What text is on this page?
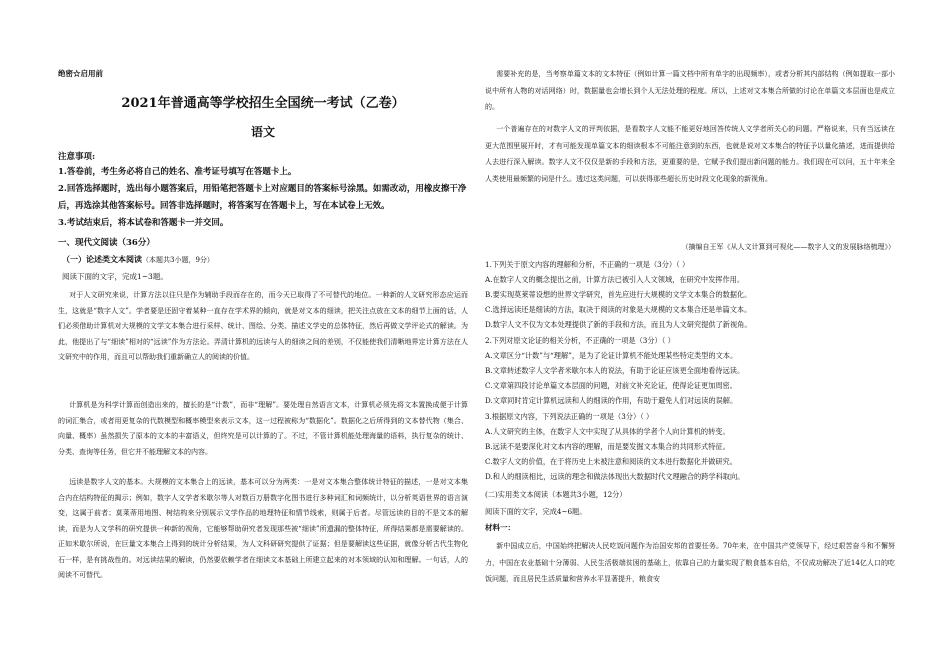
绝密☆启用前
2021年普通高等学校招生全国统一考试（乙卷）
语文
注意事项:
1.答卷前，考生务必将自己的姓名、准考证号填写在答题卡上。
2.回答选择题时，选出每小题答案后，用铅笔把答题卡上对应题目的答案标号涂黑。如需改动，用橡皮擦干净后，再选涂其他答案标号。回答非选择题时，将答案写在答题卡上，写在本试卷上无效。
3.考试结束后，将本试卷和答题卡一并交回。
一、现代文阅读（36分）
（一）论述类文本阅读（本题共3小题，9分）
阅读下面的文字，完成1~3题。
对于人文研究来说，计算方法以往只是作为辅助手段而存在的，而今天已取得了不可替代的地位。一种新的人文研究形态应运而生，这就是“数字人文”。学者要是还固守着某种一直存在学术界的倾向，就是对文本的细读，把关注点放在文本的细节上面的话，人们必须借助计算机对大规模的文学文本集合进行采样、统计、图绘、分类、描述文学史的总体特征，然后再做文学评论式的解读。为此，他提出了与“细读”相对的“远读”作为方法论。弄清计算机的远读与人的细读之间的差别，不仅能使我们清晰地界定计算方法在人文研究中的作用，而且可以帮助我们重新确立人的阅读的价值。
计算机是为科学计算而创造出来的，擅长的是“计数”，而非“理解”。要处理自然语言文本，计算机必须先将文本置换成便于计算的词汇集合，或者用更复杂的代数模型和概率模型来表示文本，这一过程被称为“数据化”。数据化之后所得到的文本替代物（集合、向量、概率）虽然损失了原本的文本的丰富语义，但终究是可以计算的了。不过，不管计算机能处理海量的语料，执行复杂的统计、分类、查询等任务，但它并不能理解文本的内容。
远读是数字人文的基本。大规模的文本集合上的远读，基本可以分为两类：一是对文本集合整体统计特征的描述，一是对文本集合内在结构特征的揭示；例如，数字人文学者米歇尔等人对数百万册数字化图书进行多种词汇和词频统计，以分析英语世界的语言演变，这属于前者；莫莱蒂用地图、树结构来分别展示文学作品的地理特征和情节线索，则属于后者。尽管远读的目的不是文本的解读，而是为人文学科的研究提供一种新的视角，它能够帮助研究者发现那些被“细读”所遗漏的整体特征，所得结果都是需要解读的。正如米歇尔所说，在巨量文本集合上得到的统计分析结果，为人文科研研究提供了证据；但是要解读这些证据，就像分析古代生物化石一样，是有挑战性的。对远读结果的解读，仍然要依赖学者在细读文本基础上所建立起来的对本领域的认知和理解。一句话，人的阅读不可替代。
需要补充的是，当考察单篇文本的文本特征（例如计算一篇文档中所有单字的出现频率），或者分析其内部结构（例如提取一部小说中所有人物的对话网络）时，数据量也会增长到个人无法处理的程度。所以，上述对文本集合所做的讨论在单篇文本层面也是成立的。
一个普遍存在的对数字人文的评判依据，是看数字人文能不能更好地回答传统人文学者所关心的问题。严格说来，只有当远读在更大范围里展开时，才有可能发现单篇文本的细读根本不可能注意到的东西，也就是说对文本集合的特征予以量化描述，进而提供给人去进行深入解读。数字人文不仅仅是新的手段和方法，更重要的是，它赋予我们提出新问题的能力。我们现在可以问，五十年来全人类使用最频繁的词是什么。透过这类问题，可以获得那些超长历史时段文化现象的新视角。
（摘编自王军《从人文计算到可视化——数字人文的发展脉络梳理》）
1.下列关于原文内容的理解和分析，不正确的一项是（3分）（ ）
A.在数字人文的概念提出之前，计算方法已被引入人文领域，在研究中发挥作用。
B.要实现莫莱蒂设想的世界文学研究，首先应进行大规模的文学文本集合的数据化。
C.选择远读还是细读的方法，取决于阅读的对象是大规模的文本集合还是单篇文本。
D.数字人文不仅为文本处理提供了新的手段和方法，而且为人文研究提供了新视角。
2.下列对原文论证的相关分析，不正确的一项是（3分）（ ）
A.文章区分“计数”与“理解”，是为了论证计算机不能处理某些特定类型的文本。
B.文章转述数字人文学者米歇尔本人的说法，有助于论证应该更全面地看待远读。
C.文章第四段讨论单篇文本层面的问题，对前文补充论证，使得论证更加周密。
D.文章同时肯定计算机远读和人的细读的作用，有助于避免人们对远读的误解。
3.根据原文内容，下列说法正确的一项是（3分）（ ）
A.人文研究的主体，在数字人文中实现了从具体的学者个人向计算机的转变。
B.远读不是要深化对文本内容的理解，而是要发掘文本集合的共同形式特征。
C.数字人文的价值，在于将历史上未被注意和阅读的文本进行数据化并做研究。
D.和人的细读相比，远读的理念和做法体现出大数据时代文理融合的跨学科取向。
(二)实用类文本阅读（本题共3小题，12分）
阅读下面的文字，完成4~6题。
材料一：
新中国成立后，中国始终把解决人民吃饭问题作为治国安邦的首要任务。70年来，在中国共产党领导下，经过艰苦奋斗和不懈努力，中国在农业基础十分薄弱、人民生活极端贫困的基础上，依靠自己的力量实现了粮食基本自给，不仅成功解决了近14亿人口的吃饭问题，而且居民生活质量和营养水平显著提升，粮食安
